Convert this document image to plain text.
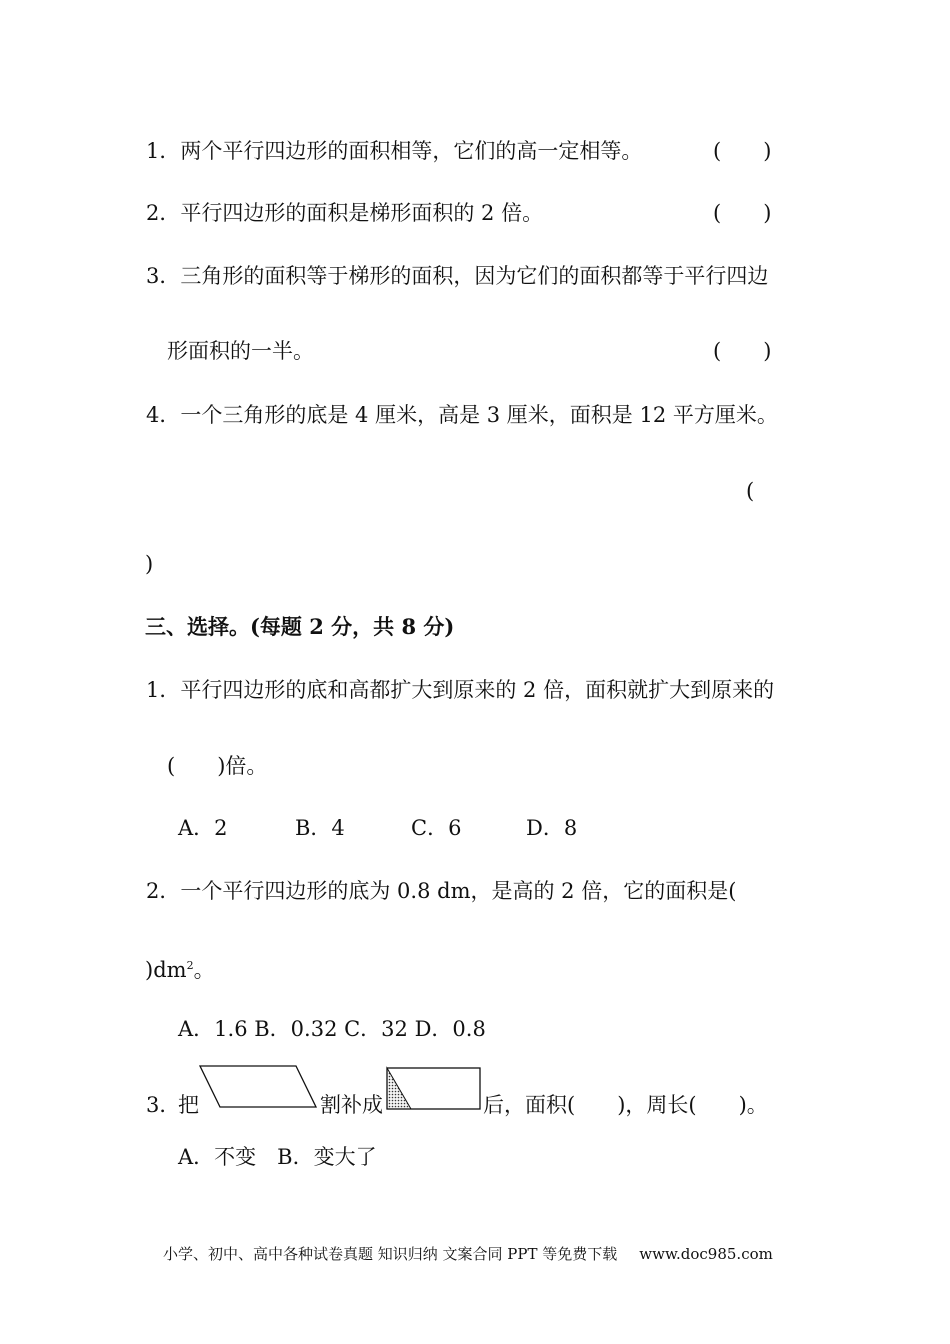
1．两个平行四边形的面积相等，它们的高一定相等。	(　　)
2．平行四边形的面积是梯形面积的 2 倍。	(　　)
3．三角形的面积等于梯形的面积，因为它们的面积都等于平行四边
形面积的一半。	(　　)
4．一个三角形的底是 4 厘米，高是 3 厘米，面积是 12 平方厘米。
(
)
三、选择。(每题 2 分，共 8 分)
1．平行四边形的底和高都扩大到原来的 2 倍，面积就扩大到原来的
(　　)倍。
A．2	B．4	C．6	D．8
2．一个平行四边形的底为 0.8 dm，是高的 2 倍，它的面积是(
)$dm^2$。
A．1.6 B．0.32 C．32 D．0.8
3．
把	割补成	后，面积(　　)，周长(　　)。
A．不变　B．变大了
小学、初中、高中各种试卷真题 知识归纳 文案合同 PPT 等免费下载 www.doc985.com
